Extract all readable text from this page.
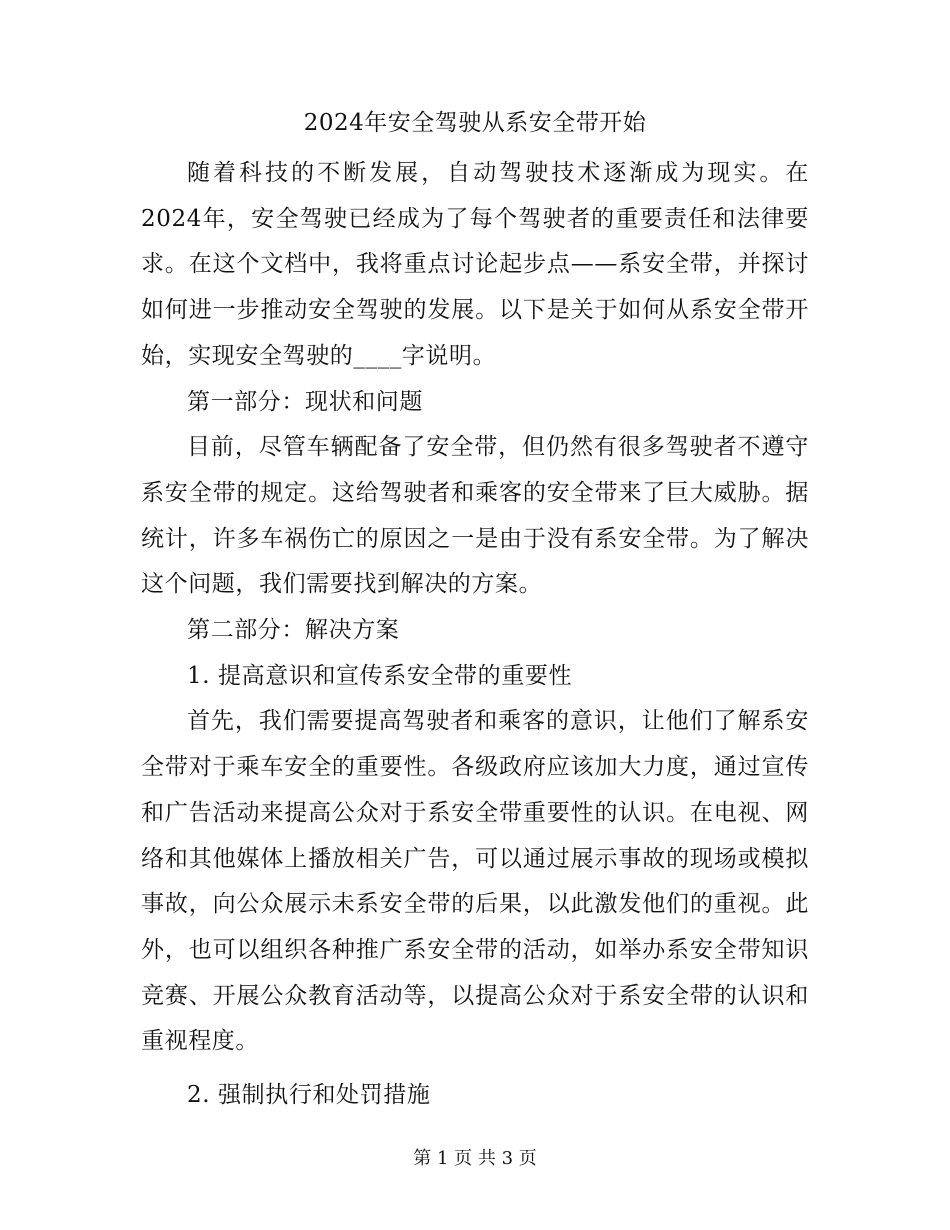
2024年安全驾驶从系安全带开始

随着科技的不断发展，自动驾驶技术逐渐成为现实。在2024年，安全驾驶已经成为了每个驾驶者的重要责任和法律要求。在这个文档中，我将重点讨论起步点——系安全带，并探讨如何进一步推动安全驾驶的发展。以下是关于如何从系安全带开始，实现安全驾驶的____字说明。

第一部分：现状和问题

目前，尽管车辆配备了安全带，但仍然有很多驾驶者不遵守系安全带的规定。这给驾驶者和乘客的安全带来了巨大威胁。据统计，许多车祸伤亡的原因之一是由于没有系安全带。为了解决这个问题，我们需要找到解决的方案。

第二部分：解决方案

1. 提高意识和宣传系安全带的重要性

首先，我们需要提高驾驶者和乘客的意识，让他们了解系安全带对于乘车安全的重要性。各级政府应该加大力度，通过宣传和广告活动来提高公众对于系安全带重要性的认识。在电视、网络和其他媒体上播放相关广告，可以通过展示事故的现场或模拟事故，向公众展示未系安全带的后果，以此激发他们的重视。此外，也可以组织各种推广系安全带的活动，如举办系安全带知识竞赛、开展公众教育活动等，以提高公众对于系安全带的认识和重视程度。

2. 强制执行和处罚措施

第 1 页 共 3 页
